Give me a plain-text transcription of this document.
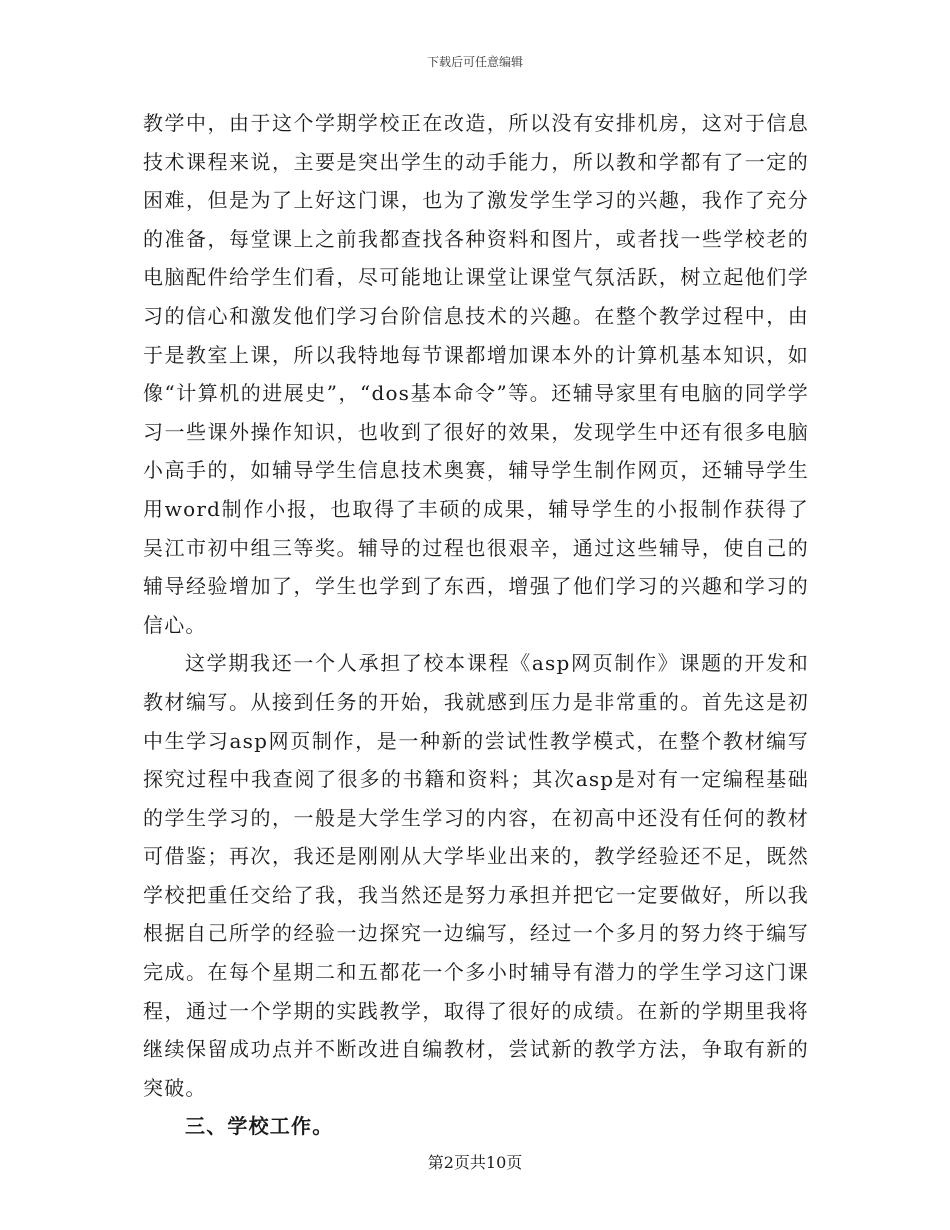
下载后可任意编辑

教学中，由于这个学期学校正在改造，所以没有安排机房，这对于信息技术课程来说，主要是突出学生的动手能力，所以教和学都有了一定的困难，但是为了上好这门课，也为了激发学生学习的兴趣，我作了充分的准备，每堂课上之前我都查找各种资料和图片，或者找一些学校老的电脑配件给学生们看，尽可能地让课堂让课堂气氛活跃，树立起他们学习的信心和激发他们学习台阶信息技术的兴趣。在整个教学过程中，由于是教室上课，所以我特地每节课都增加课本外的计算机基本知识，如像“计算机的进展史”，“dos基本命令”等。还辅导家里有电脑的同学学习一些课外操作知识，也收到了很好的效果，发现学生中还有很多电脑小高手的，如辅导学生信息技术奥赛，辅导学生制作网页，还辅导学生用word制作小报，也取得了丰硕的成果，辅导学生的小报制作获得了吴江市初中组三等奖。辅导的过程也很艰辛，通过这些辅导，使自己的辅导经验增加了，学生也学到了东西，增强了他们学习的兴趣和学习的信心。

这学期我还一个人承担了校本课程《asp网页制作》课题的开发和教材编写。从接到任务的开始，我就感到压力是非常重的。首先这是初中生学习asp网页制作，是一种新的尝试性教学模式，在整个教材编写探究过程中我查阅了很多的书籍和资料；其次asp是对有一定编程基础的学生学习的，一般是大学生学习的内容，在初高中还没有任何的教材可借鉴；再次，我还是刚刚从大学毕业出来的，教学经验还不足，既然学校把重任交给了我，我当然还是努力承担并把它一定要做好，所以我根据自己所学的经验一边探究一边编写，经过一个多月的努力终于编写完成。在每个星期二和五都花一个多小时辅导有潜力的学生学习这门课程，通过一个学期的实践教学，取得了很好的成绩。在新的学期里我将继续保留成功点并不断改进自编教材，尝试新的教学方法，争取有新的突破。

三、学校工作。

第2页共10页
